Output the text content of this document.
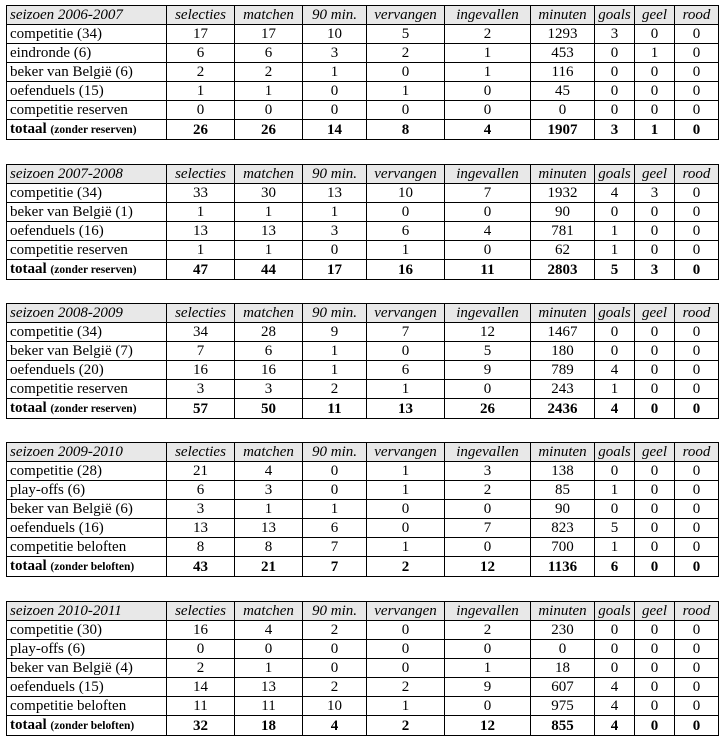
seizoen 2006-2007	selecties	matchen	90 min.	vervangen	ingevallen	minuten	goals	geel	rood
competitie (34)	17	17	10	5	2	1293	3	0	0
eindronde (6)	6	6	3	2	1	453	0	1	0
beker van België (6)	2	2	1	0	1	116	0	0	0
oefenduels (15)	1	1	0	1	0	45	0	0	0
competitie reserven	0	0	0	0	0	0	0	0	0
totaal (zonder reserven)	26	26	14	8	4	1907	3	1	0
seizoen 2007-2008	selecties	matchen	90 min.	vervangen	ingevallen	minuten	goals	geel	rood
competitie (34)	33	30	13	10	7	1932	4	3	0
beker van België (1)	1	1	1	0	0	90	0	0	0
oefenduels (16)	13	13	3	6	4	781	1	0	0
competitie reserven	1	1	0	1	0	62	1	0	0
totaal (zonder reserven)	47	44	17	16	11	2803	5	3	0
seizoen 2008-2009	selecties	matchen	90 min.	vervangen	ingevallen	minuten	goals	geel	rood
competitie (34)	34	28	9	7	12	1467	0	0	0
beker van België (7)	7	6	1	0	5	180	0	0	0
oefenduels (20)	16	16	1	6	9	789	4	0	0
competitie reserven	3	3	2	1	0	243	1	0	0
totaal (zonder reserven)	57	50	11	13	26	2436	4	0	0
seizoen 2009-2010	selecties	matchen	90 min.	vervangen	ingevallen	minuten	goals	geel	rood
competitie (28)	21	4	0	1	3	138	0	0	0
play-offs (6)	6	3	0	1	2	85	1	0	0
beker van België (6)	3	1	1	0	0	90	0	0	0
oefenduels (16)	13	13	6	0	7	823	5	0	0
competitie beloften	8	8	7	1	0	700	1	0	0
totaal (zonder beloften)	43	21	7	2	12	1136	6	0	0
seizoen 2010-2011	selecties	matchen	90 min.	vervangen	ingevallen	minuten	goals	geel	rood
competitie (30)	16	4	2	0	2	230	0	0	0
play-offs (6)	0	0	0	0	0	0	0	0	0
beker van België (4)	2	1	0	0	1	18	0	0	0
oefenduels (15)	14	13	2	2	9	607	4	0	0
competitie beloften	11	11	10	1	0	975	4	0	0
totaal (zonder beloften)	32	18	4	2	12	855	4	0	0
